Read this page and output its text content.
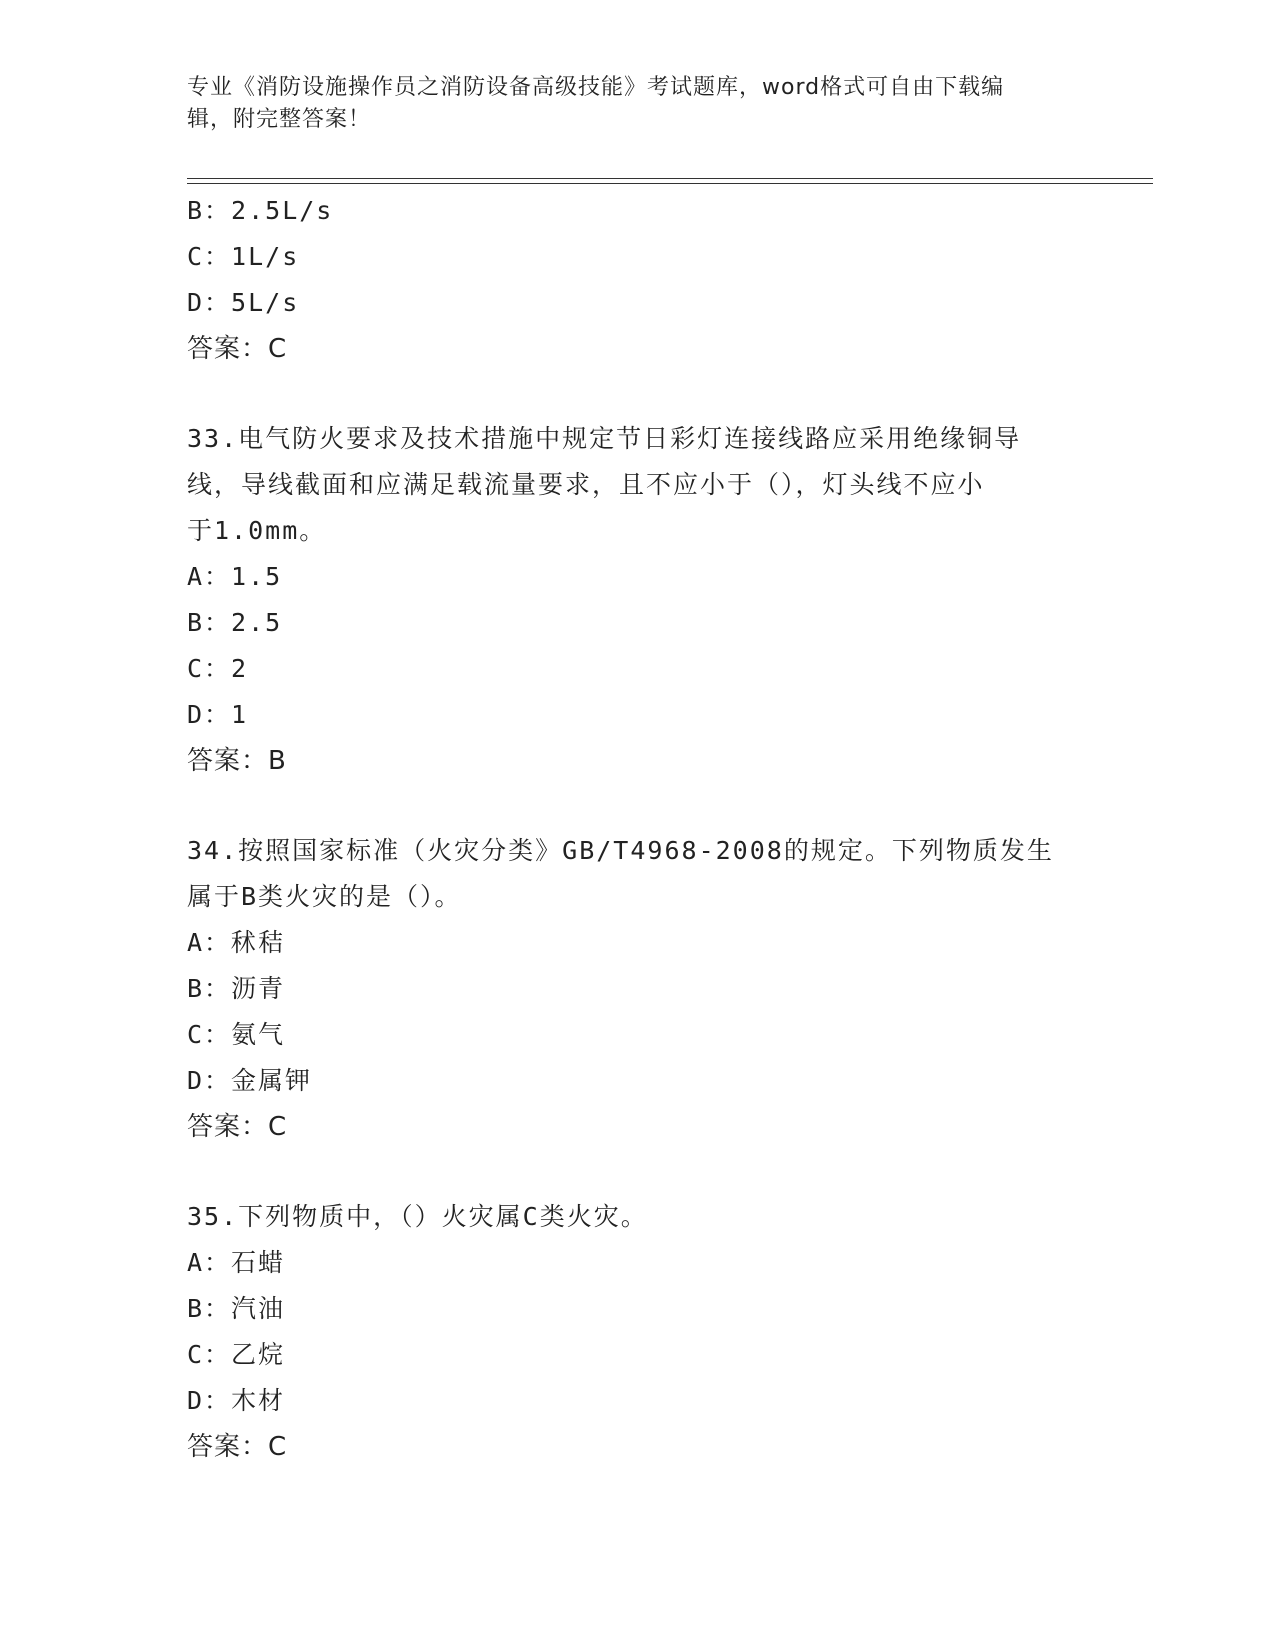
专业《消防设施操作员之消防设备高级技能》考试题库，word格式可自由下载编
辑，附完整答案！
B：2.5L/s
C：1L/s
D：5L/s
答案：C
33.电气防火要求及技术措施中规定节日彩灯连接线路应采用绝缘铜导
线，导线截面和应满足载流量要求，且不应小于（），灯头线不应小
于1.0mm。
A：1.5
B：2.5
C：2
D：1
答案：B
34.按照国家标准（火灾分类》GB/T4968-2008的规定。下列物质发生
属于B类火灾的是（）。
A：秫秸
B：沥青
C：氨气
D：金属钾
答案：C
35.下列物质中，（）火灾属C类火灾。
A：石蜡
B：汽油
C：乙烷
D：木材
答案：C
